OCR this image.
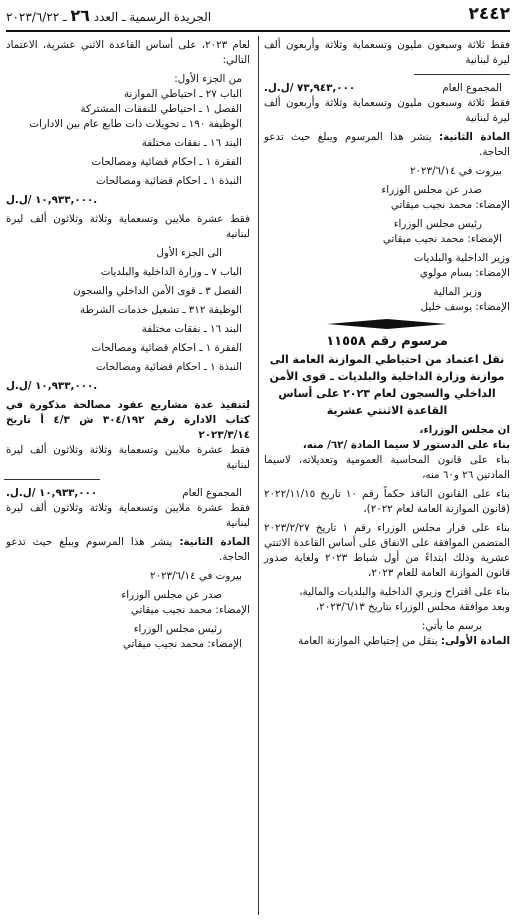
٢٤٤٢
الجريدة الرسمية ـ العدد ٢٦ ـ ٢٠٢٣/٦/٢٢

فقط ثلاثة وسبعون مليون وتسعماية وثلاثة وأربعون ألف ليرة لبنانية

المجموع العام
٧٣,٩٤٣,٠٠٠ /ل.ل.

فقط ثلاثة وسبعون مليون وتسعماية وثلاثة وأربعون ألف ليرة لبنانية

المادة الثانية: ينشر هذا المرسوم ويبلغ حيث تدعو الحاجة.

بيروت في ٢٠٢٣/٦/١٤

صدر عن مجلس الوزراء

الإمضاء: محمد نجيب ميقاتي

رئيس مجلس الوزراء

الإمضاء: محمد نجيب ميقاتي

وزير الداخلية والبلديات

الإمضاء: بسام مولوي

وزير المالية

الإمضاء: يوسف خليل

مرسوم رقم ١١٥٥٨
نقل اعتماد من احتياطي الموازنة العامة الى موازنة وزارة الداخلية والبلديات ـ قوى الأمن الداخلي والسجون لعام ٢٠٢٣ على أساس القاعدة الاثنتي عشرية

ان مجلس الوزراء،

بناء على الدستور لا سيما المادة /٦٢/ منه،

بناء على قانون المحاسبة العمومية وتعديلاته، لاسيما المادتين ٢٦ و٦٠ منه،

بناء على القانون النافذ حكماً رقم ١٠ تاريخ ٢٠٢٢/١١/١٥ (قانون الموازنة العامة لعام ٢٠٢٢)،

بناء على قرار مجلس الوزراء رقم ١ تاريخ ٢٠٢٣/٢/٢٧ المتضمن الموافقة على الانفاق على أساس القاعدة الاثنتي عشرية وذلك ابتداءً من أول شباط ٢٠٢٣ ولغاية صدور قانون الموازنة العامة للعام ٢٠٢٣،

بناء على اقتراح وزيري الداخلية والبلديات والمالية،

وبعد موافقة مجلس الوزراء بتاريخ ٢٠٢٣/٦/١٣،

يرسم ما يأتي:

المادة الأولى: ينقل من إحتياطي الموازنة العامة

لعام ٢٠٢٣، على أساس القاعدة الاثني عشرية، الاعتماد التالي:

من الجزء الأول:

الباب ٢٧ ـ احتياطي الموازنة

الفصل ١ ـ احتياطي للنفقات المشتركة

الوظيفة ١٩٠ ـ تحويلات ذات طابع عام بين الادارات

البند ١٦ ـ نفقات مختلفة

الفقرة ١ ـ احكام قضائية ومصالحات

النبذة ١ ـ احكام قضائية ومصالحات

١٠,٩٣٣,٠٠٠ /ل.ل.

فقط عشرة ملايين وتسعماية وثلاثة وثلاثون ألف ليرة لبنانية

الى الجزء الأول

الباب ٧ ـ وزارة الداخلية والبلديات

الفصل ٣ ـ قوى الأمن الداخلي والسجون

الوظيفة ٣١٢ ـ تشغيل خدمات الشرطة

البند ١٦ ـ نفقات مختلفة

الفقرة ١ ـ احكام قضائية ومصالحات

النبذة ١ ـ احكام قضائية ومصالحات

١٠,٩٣٣,٠٠٠ /ل.ل.

لتنفيذ عدة مشاريع عقود مصالحة مذكورة في كتاب الادارة رقم ٣٠٤/١٩٢ ش ٤/٣ أ تاريخ ٢٠٢٣/٣/١٤

فقط عشرة ملايين وتسعماية وثلاثة وثلاثون ألف ليرة لبنانية

المجموع العام
١٠,٩٣٣,٠٠٠ /ل.ل.

فقط عشرة ملايين وتسعماية وثلاثة وثلاثون ألف ليرة لبنانية

المادة الثانية: ينشر هذا المرسوم ويبلغ حيث تدعو الحاجة.

بيروت في ٢٠٢٣/٦/١٤

صدر عن مجلس الوزراء

الإمضاء: محمد نجيب ميقاتي

رئيس مجلس الوزراء

الإمضاء: محمد نجيب ميقاتي
